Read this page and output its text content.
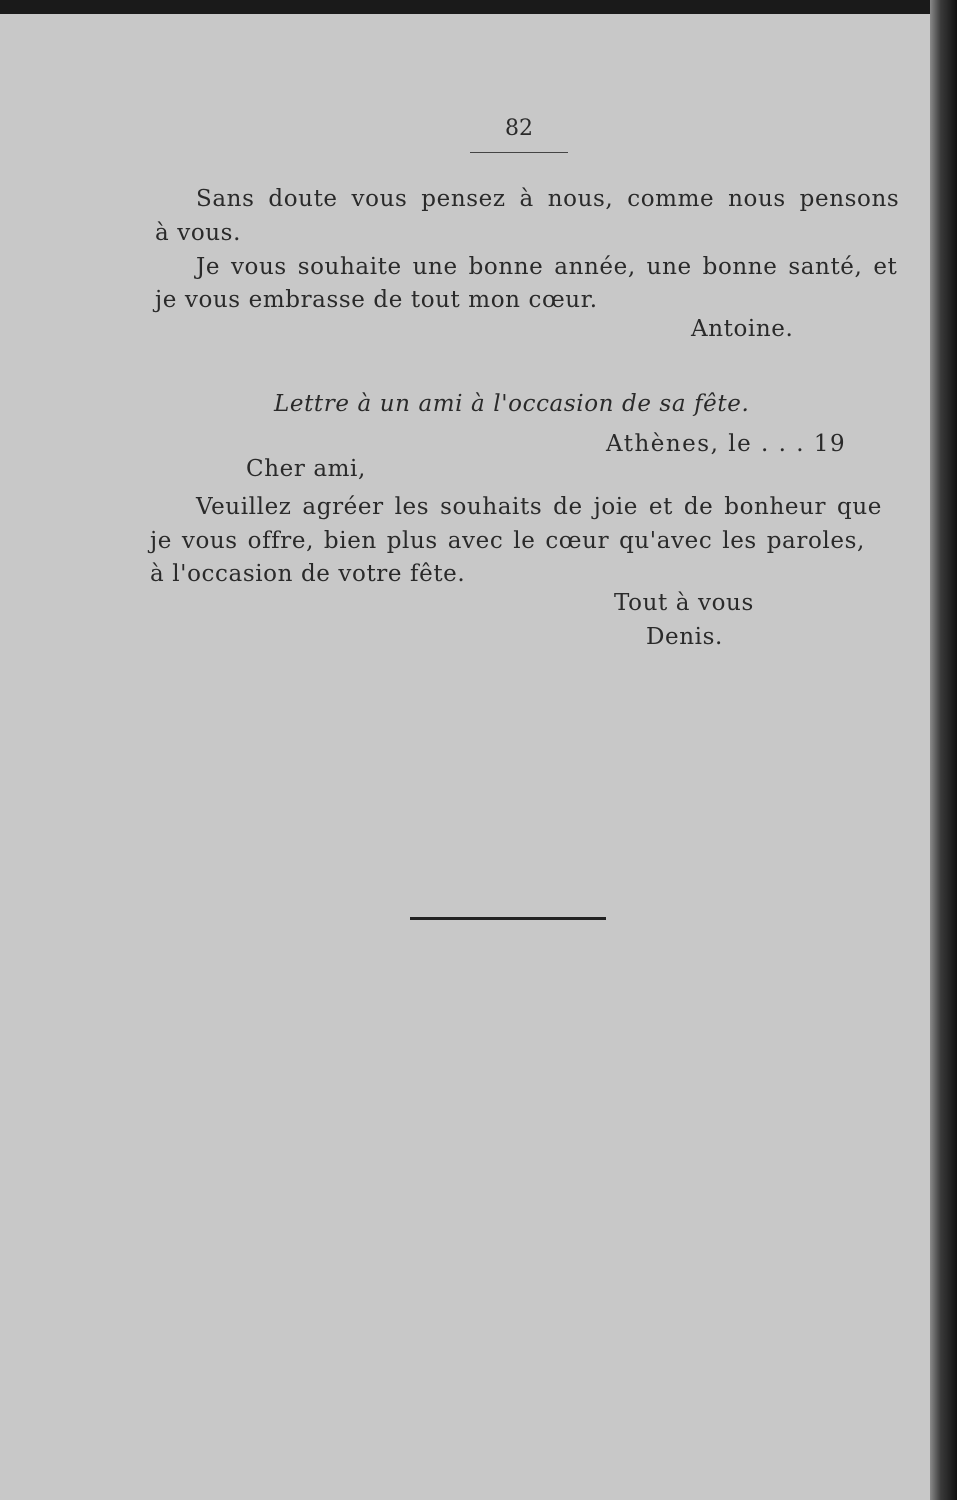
82
Sans doute vous pensez à nous, comme nous pensons
à vous.
Je vous souhaite une bonne année, une bonne santé, et
je vous embrasse de tout mon cœur.
Antoine.
Lettre à un ami à l'occasion de sa fête.
Athènes, le . . . 19
Cher ami,
Veuillez agréer les souhaits de joie et de bonheur que
je vous offre, bien plus avec le cœur qu'avec les paroles,
à l'occasion de votre fête.
Tout à vous
Denis.
